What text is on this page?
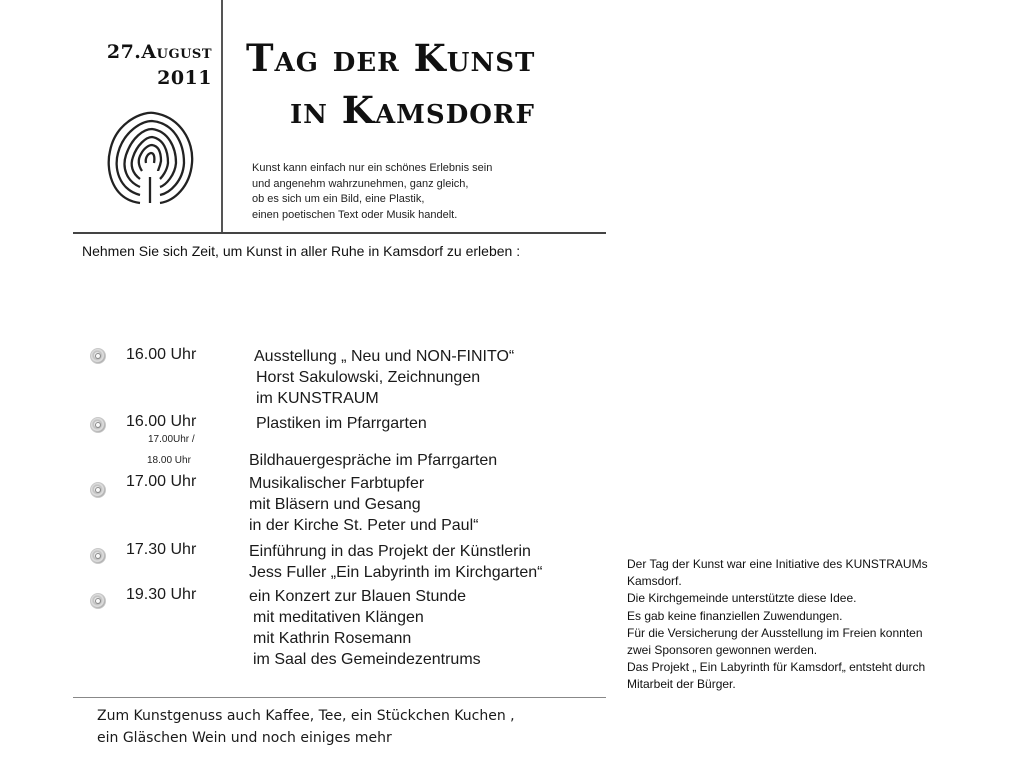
27.August
2011 Tag der Kunst
in Kamsdorf
Kunst kann einfach nur ein schönes Erlebnis sein
und angenehm wahrzunehmen, ganz gleich,
ob es sich um ein Bild, eine Plastik,
einen poetischen Text oder Musik handelt.
Nehmen Sie sich Zeit, um Kunst in aller Ruhe in Kamsdorf zu erleben :
16.00 Uhr	Ausstellung „ Neu und NON-FINITO“
Horst Sakulowski, Zeichnungen
im KUNSTRAUM
16.00 Uhr	Plastiken im Pfarrgarten
17.00Uhr /
18.00 Uhr	Bildhauergespräche im Pfarrgarten
17.00 Uhr	Musikalischer Farbtupfer
mit Bläsern und Gesang
in der Kirche St. Peter und Paul“
17.30 Uhr	Einführung in das Projekt der Künstlerin
Jess Fuller „Ein Labyrinth im Kirchgarten“
19.30 Uhr	ein Konzert zur Blauen Stunde
mit meditativen Klängen
mit Kathrin Rosemann
im Saal des Gemeindezentrums
Zum Kunstgenuss auch Kaffee, Tee, ein Stückchen Kuchen ,
ein Gläschen Wein und noch einiges mehr
Der Tag der Kunst war eine Initiative des KUNSTRAUMs
Kamsdorf.
Die Kirchgemeinde unterstützte diese Idee.
Es gab keine finanziellen Zuwendungen.
Für die Versicherung der Ausstellung im Freien konnten
zwei Sponsoren gewonnen werden.
Das Projekt „ Ein Labyrinth für Kamsdorf„ entsteht durch
Mitarbeit der Bürger.
